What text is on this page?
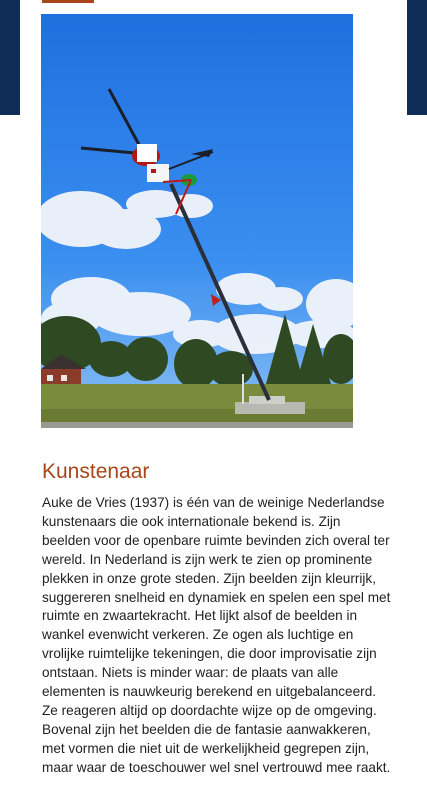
Kunstenaar

Auke de Vries (1937) is één van de weinige Nederlandse kunstenaars die ook internationale bekend is. Zijn beelden voor de openbare ruimte bevinden zich overal ter wereld. In Nederland is zijn werk te zien op prominente plekken in onze grote steden. Zijn beelden zijn kleurrijk, suggereren snelheid en dynamiek en spelen een spel met ruimte en zwaartekracht. Het lijkt alsof de beelden in wankel evenwicht verkeren. Ze ogen als luchtige en vrolijke ruimtelijke tekeningen, die door improvisatie zijn ontstaan. Niets is minder waar: de plaats van alle elementen is nauwkeurig berekend en uitgebalanceerd. Ze reageren altijd op doordachte wijze op de omgeving. Bovenal zijn het beelden die de fantasie aanwakkeren, met vormen die niet uit de werkelijkheid gegrepen zijn, maar waar de toeschouwer wel snel vertrouwd mee raakt.
